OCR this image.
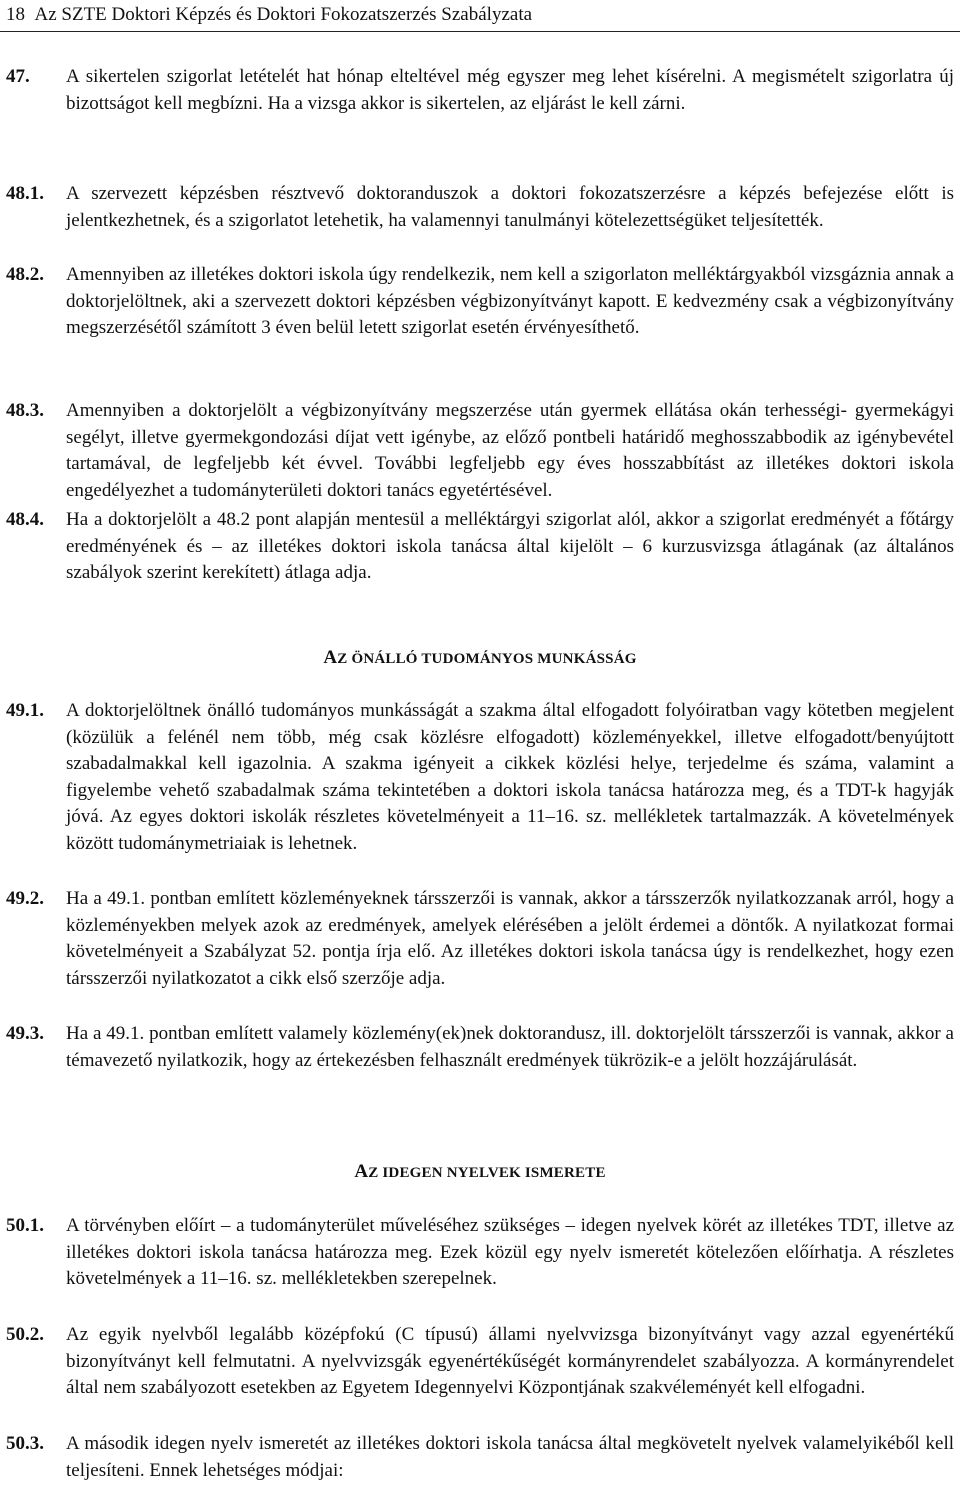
18 Az SZTE Doktori Képzés és Doktori Fokozatszerzés Szabályzata
47. A sikertelen szigorlat letételét hat hónap elteltével még egyszer meg lehet kísérelni. A megismételt szigorlatra új bizottságot kell megbízni. Ha a vizsga akkor is sikertelen, az eljárást le kell zárni.
48.1. A szervezett képzésben résztvevő doktoranduszok a doktori fokozatszerzésre a képzés befejezése előtt is jelentkezhetnek, és a szigorlatot letehetik, ha valamennyi tanulmányi kötelezettségüket teljesítették.
48.2. Amennyiben az illetékes doktori iskola úgy rendelkezik, nem kell a szigorlaton melléktárgyakból vizsgáznia annak a doktorjelöltnek, aki a szervezett doktori képzésben végbizonyítványt kapott. E kedvezmény csak a végbizonyítvány megszerzésétől számított 3 éven belül letett szigorlat esetén érvényesíthető.
48.3. Amennyiben a doktorjelölt a végbizonyítvány megszerzése után gyermek ellátása okán terhességi- gyermekágyi segélyt, illetve gyermekgondozási díjat vett igénybe, az előző pontbeli határidő meghosszabbodik az igénybevétel tartamával, de legfeljebb két évvel. További legfeljebb egy éves hosszabbítást az illetékes doktori iskola engedélyezhet a tudományterületi doktori tanács egyetértésével.
48.4. Ha a doktorjelölt a 48.2 pont alapján mentesül a melléktárgyi szigorlat alól, akkor a szigorlat eredményét a főtárgy eredményének és – az illetékes doktori iskola tanácsa által kijelölt – 6 kurzusvizsga átlagának (az általános szabályok szerint kerekített) átlaga adja.
AZ ÖNÁLLÓ TUDOMÁNYOS MUNKÁSSÁG
49.1. A doktorjelöltnek önálló tudományos munkásságát a szakma által elfogadott folyóiratban vagy kötetben megjelent (közülük a felénél nem több, még csak közlésre elfogadott) közleményekkel, illetve elfogadott/benyújtott szabadalmakkal kell igazolnia. A szakma igényeit a cikkek közlési helye, terjedelme és száma, valamint a figyelembe vehető szabadalmak száma tekintetében a doktori iskola tanácsa határozza meg, és a TDT-k hagyják jóvá. Az egyes doktori iskolák részletes követelményeit a 11–16. sz. mellékletek tartalmazzák. A követelmények között tudománymetriaiak is lehetnek.
49.2. Ha a 49.1. pontban említett közleményeknek társszerzői is vannak, akkor a társszerzők nyilatkozzanak arról, hogy a közleményekben melyek azok az eredmények, amelyek elérésében a jelölt érdemei a döntők. A nyilatkozat formai követelményeit a Szabályzat 52. pontja írja elő. Az illetékes doktori iskola tanácsa úgy is rendelkezhet, hogy ezen társszerzői nyilatkozatot a cikk első szerzője adja.
49.3. Ha a 49.1. pontban említett valamely közlemény(ek)nek doktorandusz, ill. doktorjelölt társszerzői is vannak, akkor a témavezető nyilatkozik, hogy az értekezésben felhasznált eredmények tükrözik-e a jelölt hozzájárulását.
AZ IDEGEN NYELVEK ISMERETE
50.1. A törvényben előírt – a tudományterület műveléséhez szükséges – idegen nyelvek körét az illetékes TDT, illetve az illetékes doktori iskola tanácsa határozza meg. Ezek közül egy nyelv ismeretét kötelezően előírhatja. A részletes követelmények a 11–16. sz. mellékletekben szerepelnek.
50.2. Az egyik nyelvből legalább középfokú (C típusú) állami nyelvvizsga bizonyítványt vagy azzal egyenértékű bizonyítványt kell felmutatni. A nyelvvizsgák egyenértékűségét kormányrendelet szabályozza. A kormányrendelet által nem szabályozott esetekben az Egyetem Idegennyelvi Központjának szakvéleményét kell elfogadni.
50.3. A második idegen nyelv ismeretét az illetékes doktori iskola tanácsa által megkövetelt nyelvek valamelyikéből kell teljesíteni. Ennek lehetséges módjai:
